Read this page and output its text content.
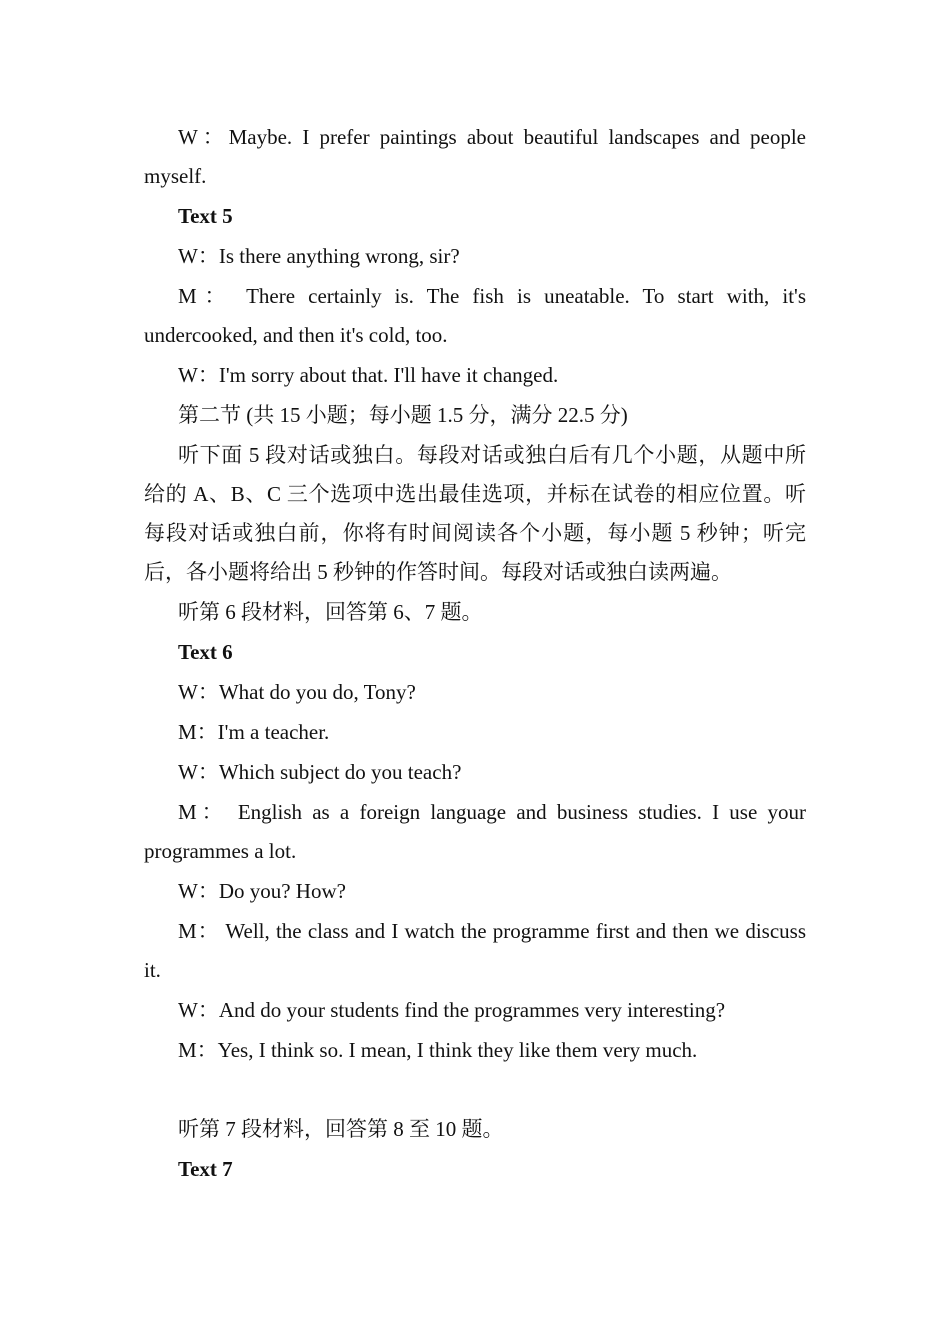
W：Maybe. I prefer paintings about beautiful landscapes and people myself.

Text 5

W：Is there anything wrong, sir?

M： There certainly is. The fish is uneatable. To start with, it's undercooked, and then it's cold, too.

W：I'm sorry about that. I'll have it changed.

第二节 (共 15 小题；每小题 1.5 分，满分 22.5 分)

听下面 5 段对话或独白。每段对话或独白后有几个小题，从题中所给的 A、B、C 三个选项中选出最佳选项，并标在试卷的相应位置。听每段对话或独白前，你将有时间阅读各个小题，每小题 5 秒钟；听完后，各小题将给出 5 秒钟的作答时间。每段对话或独白读两遍。

听第 6 段材料，回答第 6、7 题。

Text 6

W：What do you do, Tony?

M：I'm a teacher.

W：Which subject do you teach?

M： English as a foreign language and business studies. I use your programmes a lot.

W：Do you? How?

M： Well, the class and I watch the programme first and then we discuss it.

W：And do your students find the programmes very interesting?

M：Yes, I think so. I mean, I think they like them very much.

听第 7 段材料，回答第 8 至 10 题。

Text 7
